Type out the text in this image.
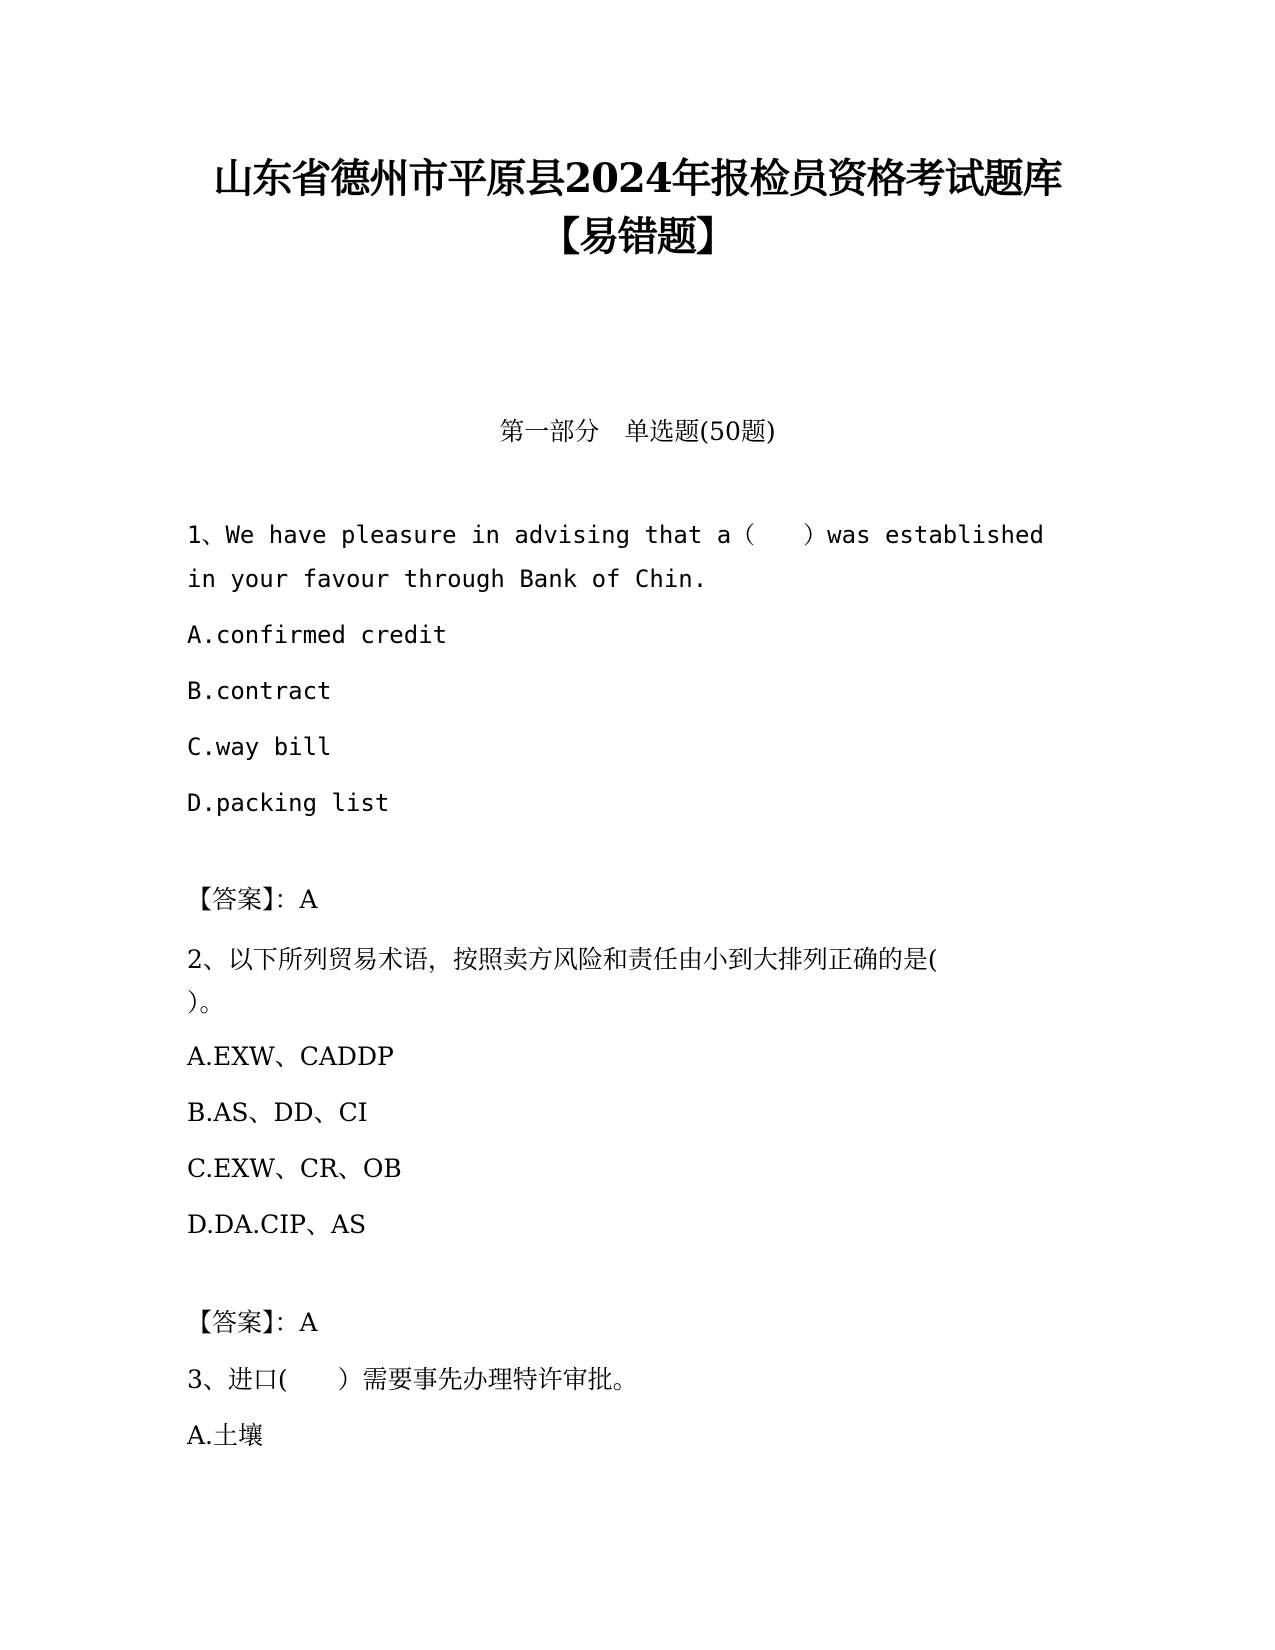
山东省德州市平原县2024年报检员资格考试题库
【易错题】
第一部分　单选题(50题)
1、We have pleasure in advising that a（　　）was established
in your favour through Bank of Chin.
A.confirmed credit
B.contract
C.way bill
D.packing list
【答案】：A
2、以下所列贸易术语，按照卖方风险和责任由小到大排列正确的是(
）。
A.EXW、CADDP
B.AS、DD、CI
C.EXW、CR、OB
D.DA.CIP、AS
【答案】：A
3、进口(　　）需要事先办理特许审批。
A.土壤
